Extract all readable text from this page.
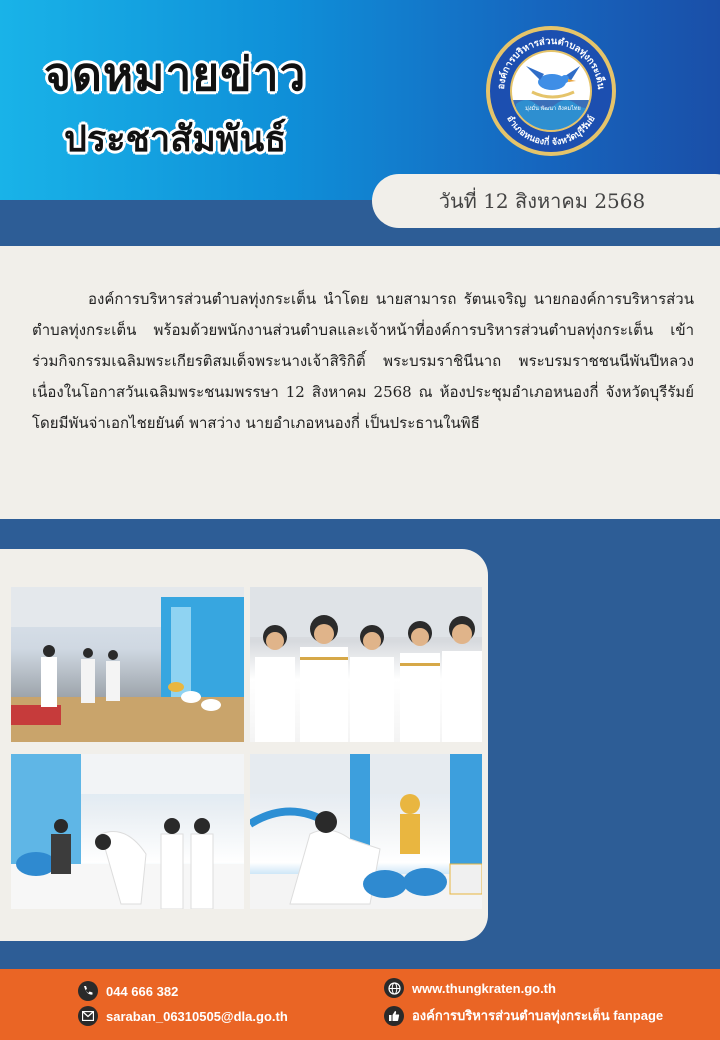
จดหมายข่าว
ประชาสัมพันธ์
องค์การบริหารส่วนตำบลทุ่งกระเต็น
อำเภอหนองกี่ จังหวัดบุรีรัมย์
มุ่งมั่น พัฒนา สังคมไทย
วันที่ 12 สิงหาคม 2568

องค์การบริหารส่วนตำบลทุ่งกระเต็น นำโดย นายสามารถ รัตนเจริญ นายกองค์การบริหารส่วนตำบลทุ่งกระเต็น พร้อมด้วยพนักงานส่วนตำบลและเจ้าหน้าที่องค์การบริหารส่วนตำบลทุ่งกระเต็น เข้าร่วมกิจกรรมเฉลิมพระเกียรติสมเด็จพระนางเจ้าสิริกิติ์ พระบรมราชินีนาถ พระบรมราชชนนีพันปีหลวง เนื่องในโอกาสวันเฉลิมพระชนมพรรษา 12 สิงหาคม 2568 ณ ห้องประชุมอำเภอหนองกี่ จังหวัดบุรีรัมย์ โดยมีพันจ่าเอกไชยยันต์ พาสว่าง นายอำเภอหนองกี่ เป็นประธานในพิธี

044 666 382
saraban_06310505@dla.go.th
www.thungkraten.go.th
องค์การบริหารส่วนตำบลทุ่งกระเต็น fanpage
